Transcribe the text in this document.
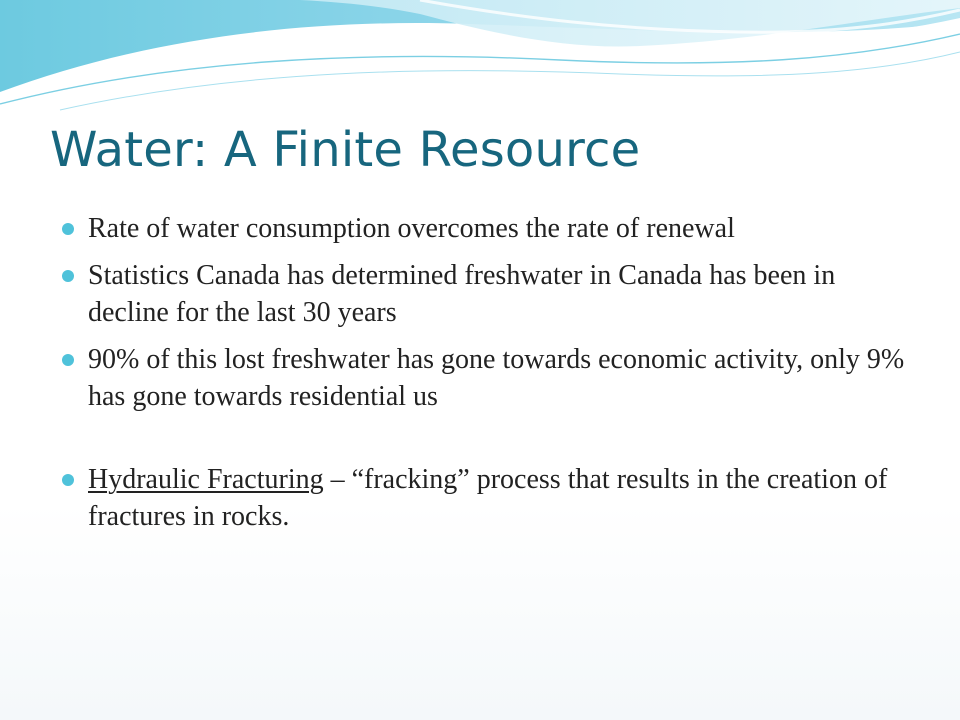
Water: A Finite Resource
Rate of water consumption overcomes the rate of renewal
Statistics Canada has determined freshwater in Canada has been in decline for the last 30 years
90% of this lost freshwater has gone towards economic activity, only 9% has gone towards residential us
Hydraulic Fracturing – “fracking” process that results in the creation of fractures in rocks.
